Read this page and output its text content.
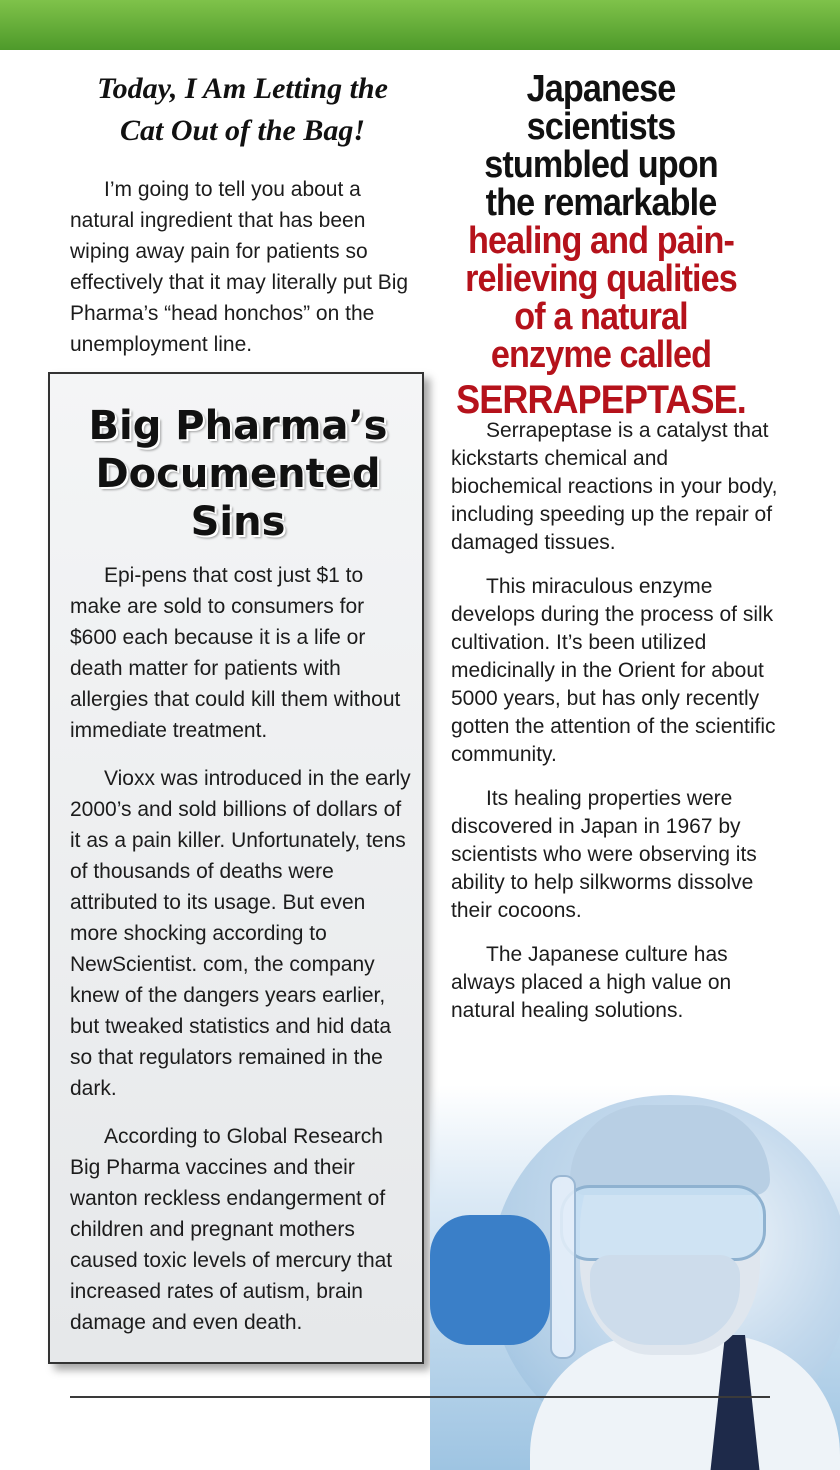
Today, I Am Letting the

Cat Out of the Bag!

I’m going to tell you about a natural ingredient that has been wiping away pain for patients so effectively that it may literally put Big Pharma’s “head honchos” on the unemployment line.

Big Pharma’s
Documented
Sins

Epi-pens that cost just $1 to make are sold to consumers for $600 each because it is a life or death matter for patients with allergies that could kill them without immediate treatment.

Vioxx was introduced in the early 2000’s and sold billions of dollars of it as a pain killer. Unfortunately, tens of thousands of deaths were attributed to its usage. But even more shocking according to NewScientist. com, the company knew of the dangers years earlier, but tweaked statistics and hid data so that regulators remained in the dark.

According to Global Research Big Pharma vaccines and their wanton reckless endangerment of children and pregnant mothers caused toxic levels of mercury that increased rates of autism, brain damage and even death.

Japanese scientists

stumbled upon

the remarkable

healing and pain-

relieving qualities

of a natural

enzyme called

SERRAPEPTASE.

Serrapeptase is a catalyst that kickstarts chemical and biochemical reactions in your body, including speeding up the repair of damaged tissues.

This miraculous enzyme develops during the process of silk cultivation. It’s been utilized medicinally in the Orient for about 5000 years, but has only recently gotten the attention of the scientific community.

Its healing properties were discovered in Japan in 1967 by scientists who were observing its ability to help silkworms dissolve their cocoons.

The Japanese culture has always placed a high value on natural healing solutions.
